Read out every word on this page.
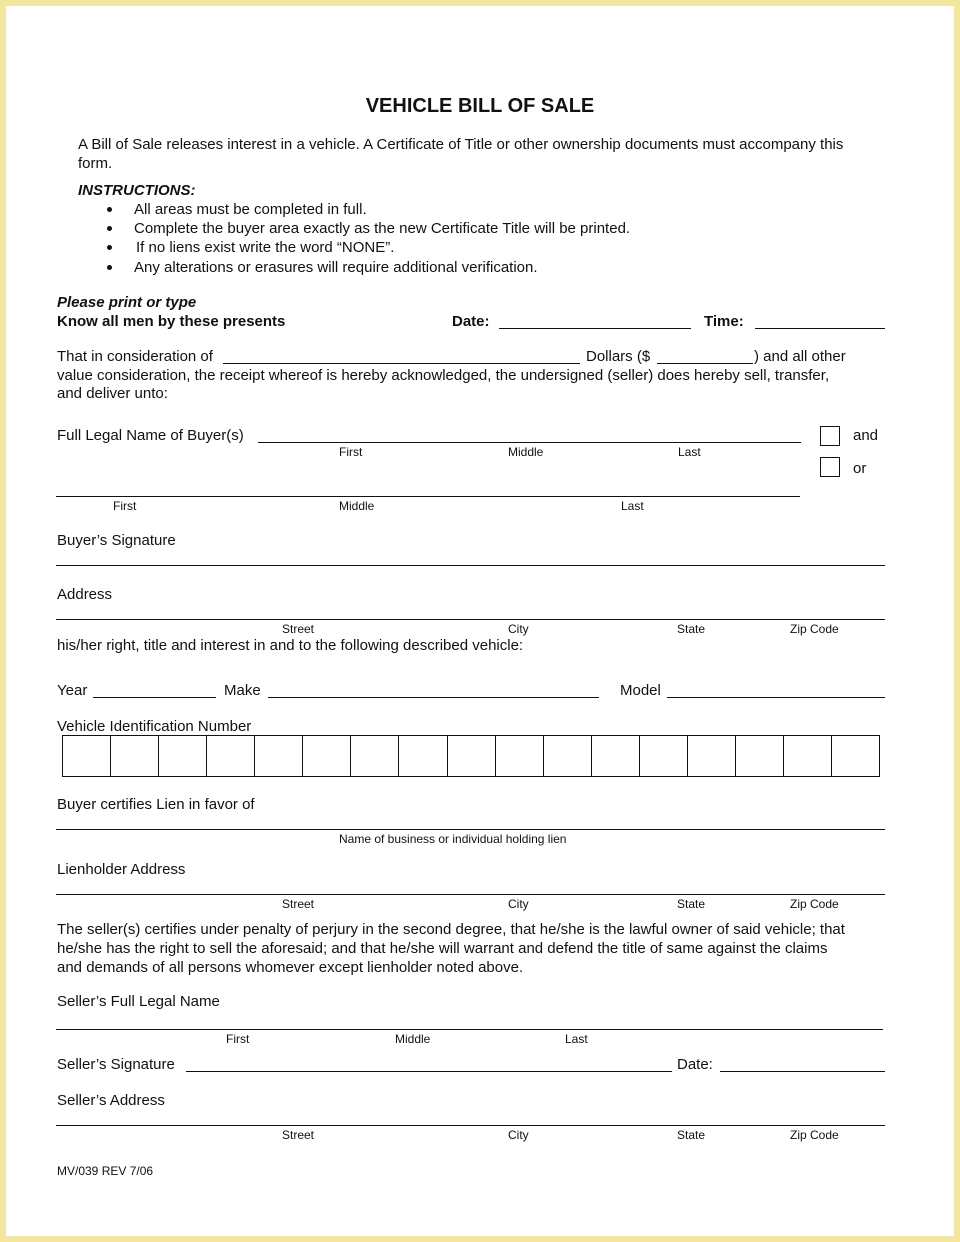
VEHICLE BILL OF SALE
A Bill of Sale releases interest in a vehicle. A Certificate of Title or other ownership documents must accompany this
form.
INSTRUCTIONS:
All areas must be completed in full.
Complete the buyer area exactly as the new Certificate Title will be printed.
If no liens exist write the word “NONE”.
Any alterations or erasures will require additional verification.
Please print or type
Know all men by these presents	Date:	Time:
That in consideration of	Dollars ($	) and all other
value consideration, the receipt whereof is hereby acknowledged, the undersigned (seller) does hereby sell, transfer,
and deliver unto:
Full Legal Name of Buyer(s)
First	Middle	Last
and
or
First	Middle	Last
Buyer’s Signature
Address
Street	City	State	Zip Code
his/her right, title and interest in and to the following described vehicle:
Year	Make	Model
Vehicle Identification Number
Buyer certifies Lien in favor of
Name of business or individual holding lien
Lienholder Address
Street	City	State	Zip Code
The seller(s) certifies under penalty of perjury in the second degree, that he/she is the lawful owner of said vehicle; that
he/she has the right to sell the aforesaid; and that he/she will warrant and defend the title of same against the claims
and demands of all persons whomever except lienholder noted above.
Seller’s Full Legal Name
First	Middle	Last
Seller’s Signature	Date:
Seller’s Address
Street	City	State	Zip Code
MV/039 REV 7/06
